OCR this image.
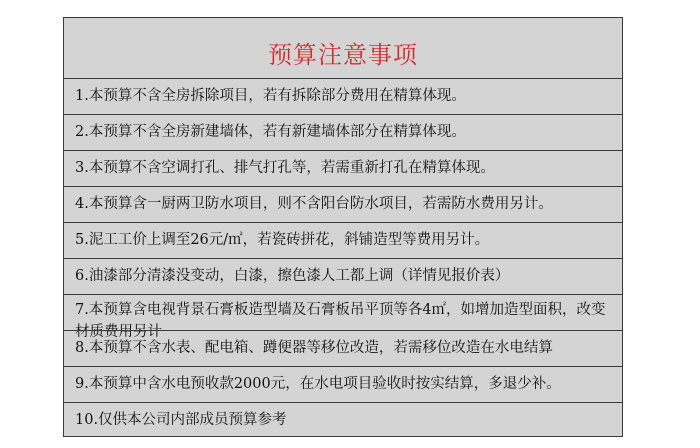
预算注意事项
1.本预算不含全房拆除项目，若有拆除部分费用在精算体现。
2.本预算不含全房新建墙体，若有新建墙体部分在精算体现。
3.本预算不含空调打孔、排气打孔等，若需重新打孔在精算体现。
4.本预算含一厨两卫防水项目，则不含阳台防水项目，若需防水费用另计。
5.泥工工价上调至26元/㎡，若瓷砖拼花，斜铺造型等费用另计。
6.油漆部分清漆没变动，白漆，擦色漆人工都上调（详情见报价表）
7.本预算含电视背景石膏板造型墙及石膏板吊平顶等各4㎡，如增加造型面积，改变材质费用另计
8.本预算不含水表、配电箱、蹲便器等移位改造，若需移位改造在水电结算
9.本预算中含水电预收款2000元，在水电项目验收时按实结算，多退少补。
10.仅供本公司内部成员预算参考
